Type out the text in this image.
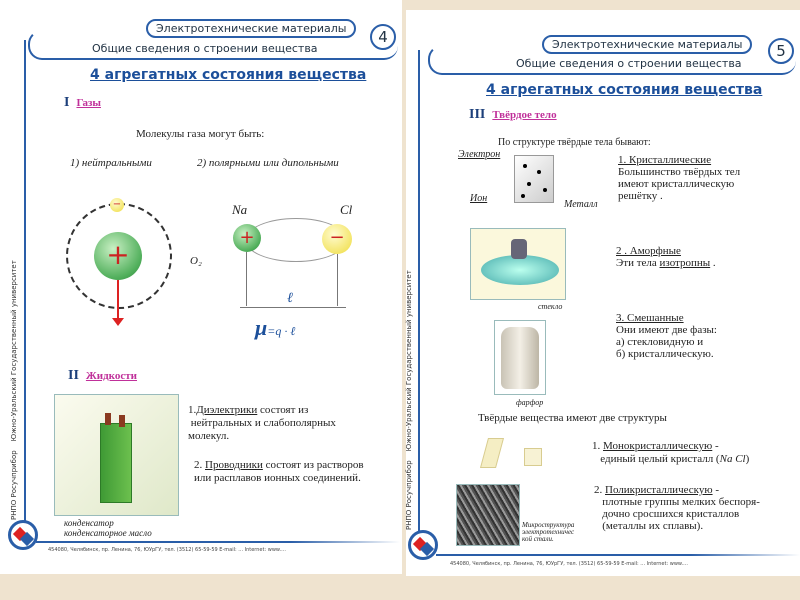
Электротехнические материалы	4
Общие сведения о строении вещества
4 агрегатных состояния вещества
I Газы
Молекулы газа могут быть:
1) нейтральными	2) полярными или дипольными
−
+	O₂
Na	Cl
+	−
ℓ
μ=q · ℓ
II Жидкости
конденсатор
конденсаторное масло
1.Диэлектрики состоят из
нейтральных и слабополярных
молекул.
2. Проводники состоят из растворов
или расплавов ионных соединений.
РНПО Росучприбор    Южно-Уральский Государственный университет
454080, Челябинск, пр. Ленина, 76, ЮУрГУ, тел. (3512) 65-59-59 E-mail: ... Internet: www....
Электротехнические материалы	5
Общие сведения о строении вещества
4 агрегатных состояния вещества
III Твёрдое тело
По структуре твёрдые тела бывают:
Электрон
Ион
Металл
1. Кристаллические
Большинство твёрдых тел
имеют кристаллическую
решётку .
стекло
2 . Аморфные
Эти тела изотропны .
фарфор
3. Смешанные
Они имеют две фазы:
а) стекловидную и
б) кристаллическую.
Твёрдые вещества имеют две структуры
1. Монокристаллическую -
единый целый кристалл (Na Cl)
Микроструктура
электротехничес
кой стали.
2. Поликристаллическую -
плотные группы мелких беспоря-
дочно сросшихся кристаллов
(металлы их сплавы).
РНПО Росучприбор    Южно-Уральский Государственный университет
454080, Челябинск, пр. Ленина, 76, ЮУрГУ, тел. (3512) 65-59-59 E-mail: ... Internet: www....
